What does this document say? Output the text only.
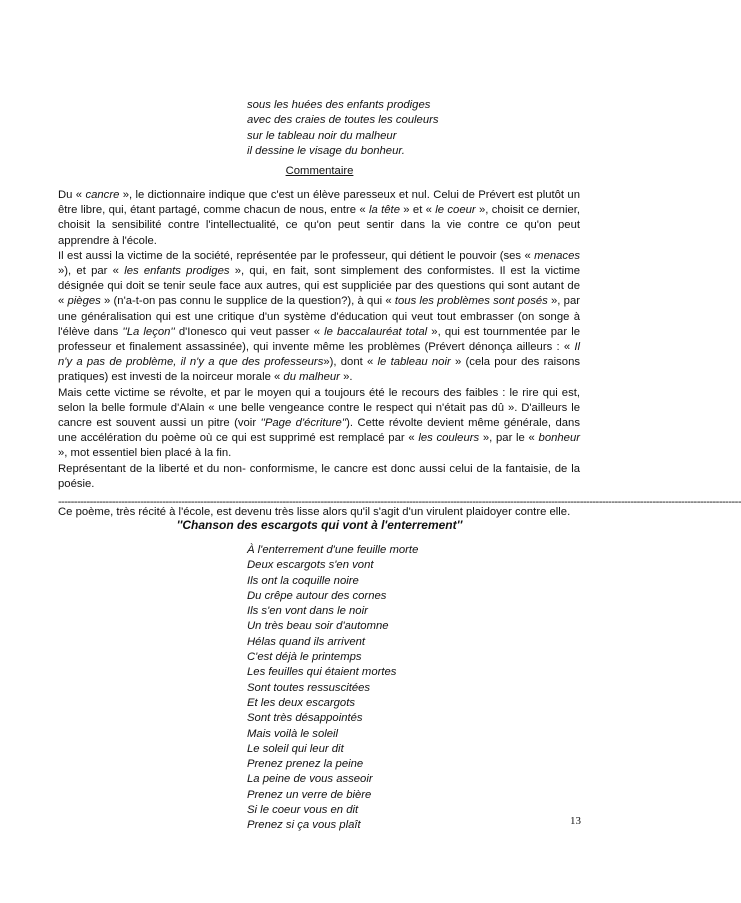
sous les huées des enfants prodiges
avec des craies de toutes les couleurs
sur le tableau noir du malheur
il dessine le visage du bonheur.
Commentaire

Du « cancre », le dictionnaire indique que c'est un élève paresseux et nul. Celui de Prévert est plutôt un être libre, qui, étant partagé, comme chacun de nous, entre « la tête » et « le coeur », choisit ce dernier, choisit la sensibilité contre l'intellectualité, ce qu'on peut sentir dans la vie contre ce qu'on peut apprendre à l'école.

Il est aussi la victime de la société, représentée par le professeur, qui détient le pouvoir (ses « menaces »), et par « les enfants prodiges », qui, en fait, sont simplement des conformistes. Il est la victime désignée qui doit se tenir seule face aux autres, qui est suppliciée par des questions qui sont autant de « pièges » (n'a-t-on pas connu le supplice de la question?), à qui « tous les problèmes sont posés », par une généralisation qui est une critique d'un système d'éducation qui veut tout embrasser (on songe à l'élève dans ''La leçon'' d'Ionesco qui veut passer « le baccalauréat total », qui est tournmentée par le professeur et finalement assassinée), qui invente même les problèmes (Prévert dénonça ailleurs : « Il n'y a pas de problème, il n'y a que des professeurs»), dont « le tableau noir » (cela pour des raisons pratiques) est investi de la noirceur morale « du malheur ».

Mais cette victime se révolte, et par le moyen qui a toujours été le recours des faibles : le rire qui est, selon la belle formule d'Alain « une belle vengeance contre le respect qui n'était pas dû ». D'ailleurs le cancre est souvent aussi un pitre (voir ''Page d'écriture''). Cette révolte devient même générale, dans une accélération du poème où ce qui est supprimé est remplacé par « les couleurs », par le « bonheur », mot essentiel bien placé à la fin.

Représentant de la liberté et du non- conformisme, le cancre est donc aussi celui de la fantaisie, de la poésie.

Ce poème, très récité à l'école, est devenu très lisse alors qu'il s'agit d'un virulent plaidoyer contre elle.

------------------------------------------------------------------------------------------------------------------------------------------------------------------------------------------------------------------------
''Chanson des escargots qui vont à l'enterrement''
À l'enterrement d'une feuille morte
Deux escargots s'en vont
Ils ont la coquille noire
Du crêpe autour des cornes
Ils s'en vont dans le noir
Un très beau soir d'automne
Hélas quand ils arrivent
C'est déjà le printemps
Les feuilles qui étaient mortes
Sont toutes ressuscitées
Et les deux escargots
Sont très désappointés
Mais voilà le soleil
Le soleil qui leur dit
Prenez prenez la peine
La peine de vous asseoir
Prenez un verre de bière
Si le coeur vous en dit
Prenez si ça vous plaît	13
